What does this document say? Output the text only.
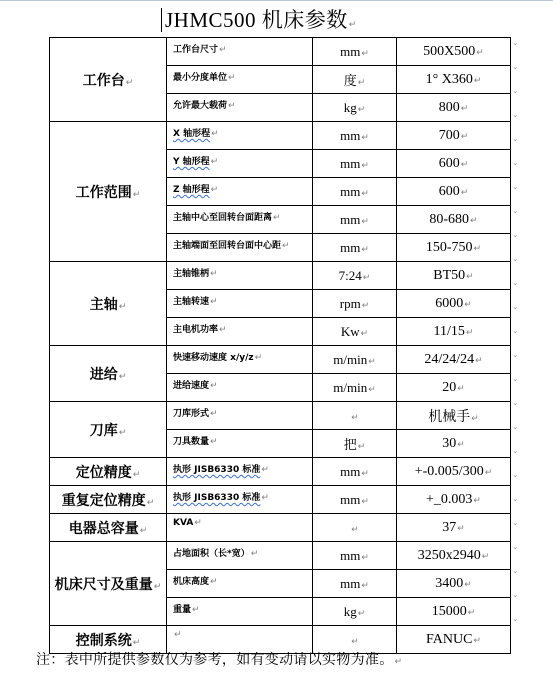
JHMC500 机床参数↵
工作台↵	工作台尺寸↵	mm↵	500X500↵
	最小分度单位↵	度↵	1° X360↵
	允许最大载荷↵	kg↵	800↵
工作范围↵	X 轴形程↵	mm↵	700↵
	Y 轴形程↵	mm↵	600↵
	Z 轴形程↵	mm↵	600↵
	主轴中心至回转台面距离↵	mm↵	80-680↵
	主轴端面至回转台面中心距↵	mm↵	150-750↵
主轴↵	主轴锥柄↵	7:24↵	BT50↵
	主轴转速↵	rpm↵	6000↵
	主电机功率↵	Kw↵	11/15↵
进给↵	快速移动速度 x/y/z↵	m/min↵	24/24/24↵
	进给速度↵	m/min↵	20↵
刀库↵	刀库形式↵	↵	机械手↵
	刀具数量↵	把↵	30↵
定位精度↵	执形 JISB6330 标准↵	mm↵	+-0.005/300↵
重复定位精度↵	执形 JISB6330 标准↵	mm↵	+_0.003↵
电器总容量↵	KVA↵	↵	37↵
机床尺寸及重量↵	占地面积（长*宽）↵	mm↵	3250x2940↵
	机床高度↵	mm↵	3400↵
	重量↵	kg↵	15000↵
控制系统↵	↵	↵	FANUC↵
ˇ
ˇ
ˇ
ˇ
ˇ
ˇ
ˇ
ˇ
ˇ
ˇ
ˇ
ˇ
ˇ
ˇ
ˇ
ˇ
ˇ
ˇ
ˇ
ˇ
ˇ
ˇ
ˇ
ˇ
ˇ
注：表中所提供参数仅为参考，如有变动请以实物为准。↵
